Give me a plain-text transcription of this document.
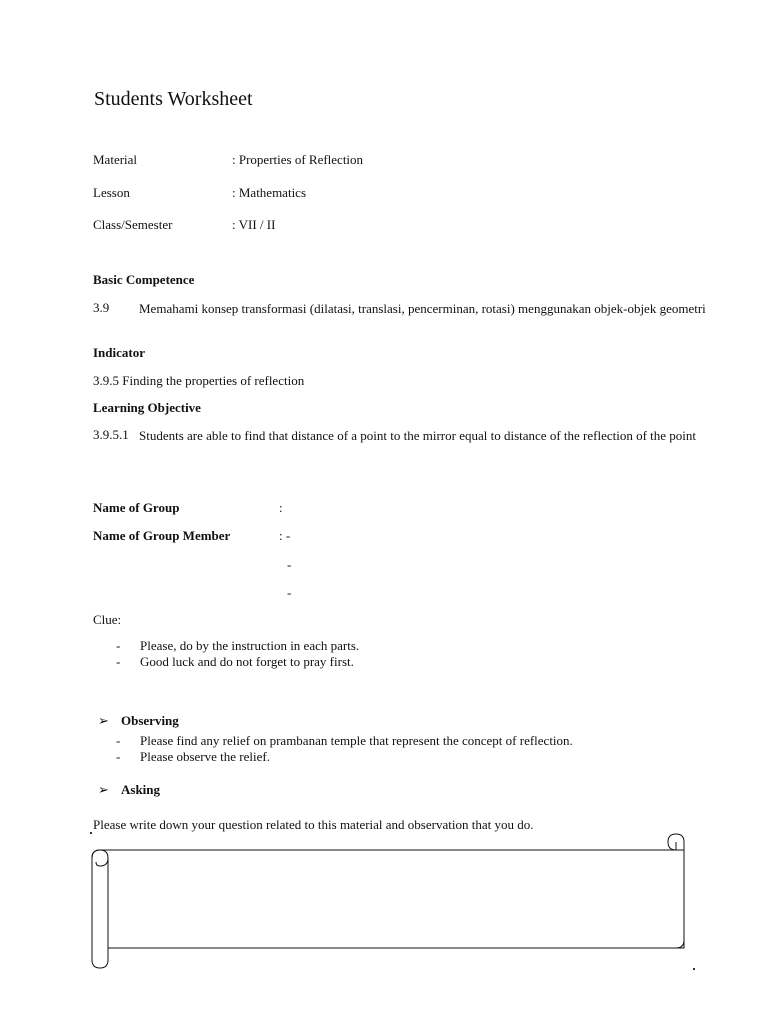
Students Worksheet
Material	: Properties of Reflection
Lesson	: Mathematics
Class/Semester	: VII / II
Basic Competence
3.9 Memahami konsep transformasi (dilatasi, translasi, pencerminan, rotasi) menggunakan objek-objek geometri
Indicator
3.9.5 Finding the properties of reflection
Learning Objective
3.9.5.1 Students are able to find that distance of a point to the mirror equal to distance of the reflection of the point
Name of Group	:
Name of Group Member	: -
-
-
Clue:
- Please, do by the instruction in each parts.
- Good luck and do not forget to pray first.
➢ Observing
- Please find any relief on prambanan temple that represent the concept of reflection.
- Please observe the relief.
➢ Asking
Please write down your question related to this material and observation that you do.
